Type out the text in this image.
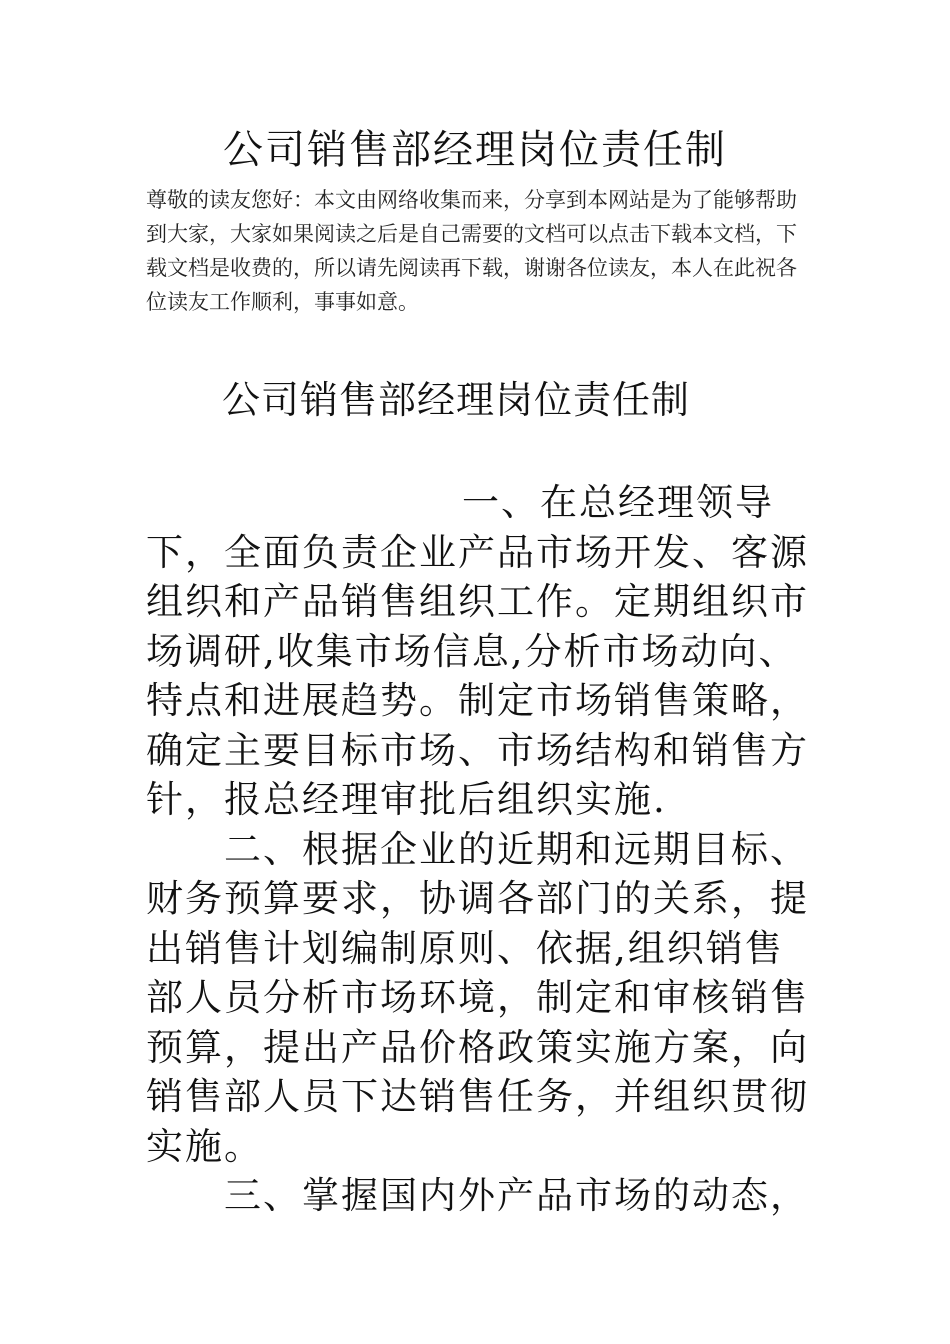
公司销售部经理岗位责任制

尊敬的读友您好：本文由网络收集而来，分享到本网站是为了能够帮助到大家，大家如果阅读之后是自己需要的文档可以点击下载本文档，下载文档是收费的，所以请先阅读再下载，谢谢各位读友，本人在此祝各位读友工作顺利，事事如意。

公司销售部经理岗位责任制

一、在总经理领导下，全面负责企业产品市场开发、客源组织和产品销售组织工作。定期组织市场调研,收集市场信息,分析市场动向、特点和进展趋势。制定市场销售策略，确定主要目标市场、市场结构和销售方针，报总经理审批后组织实施.

二、根据企业的近期和远期目标、财务预算要求，协调各部门的关系，提出销售计划编制原则、依据,组织销售部人员分析市场环境，制定和审核销售预算，提出产品价格政策实施方案，向销售部人员下达销售任务，并组织贯彻实施。

三、掌握国内外产品市场的动态，
